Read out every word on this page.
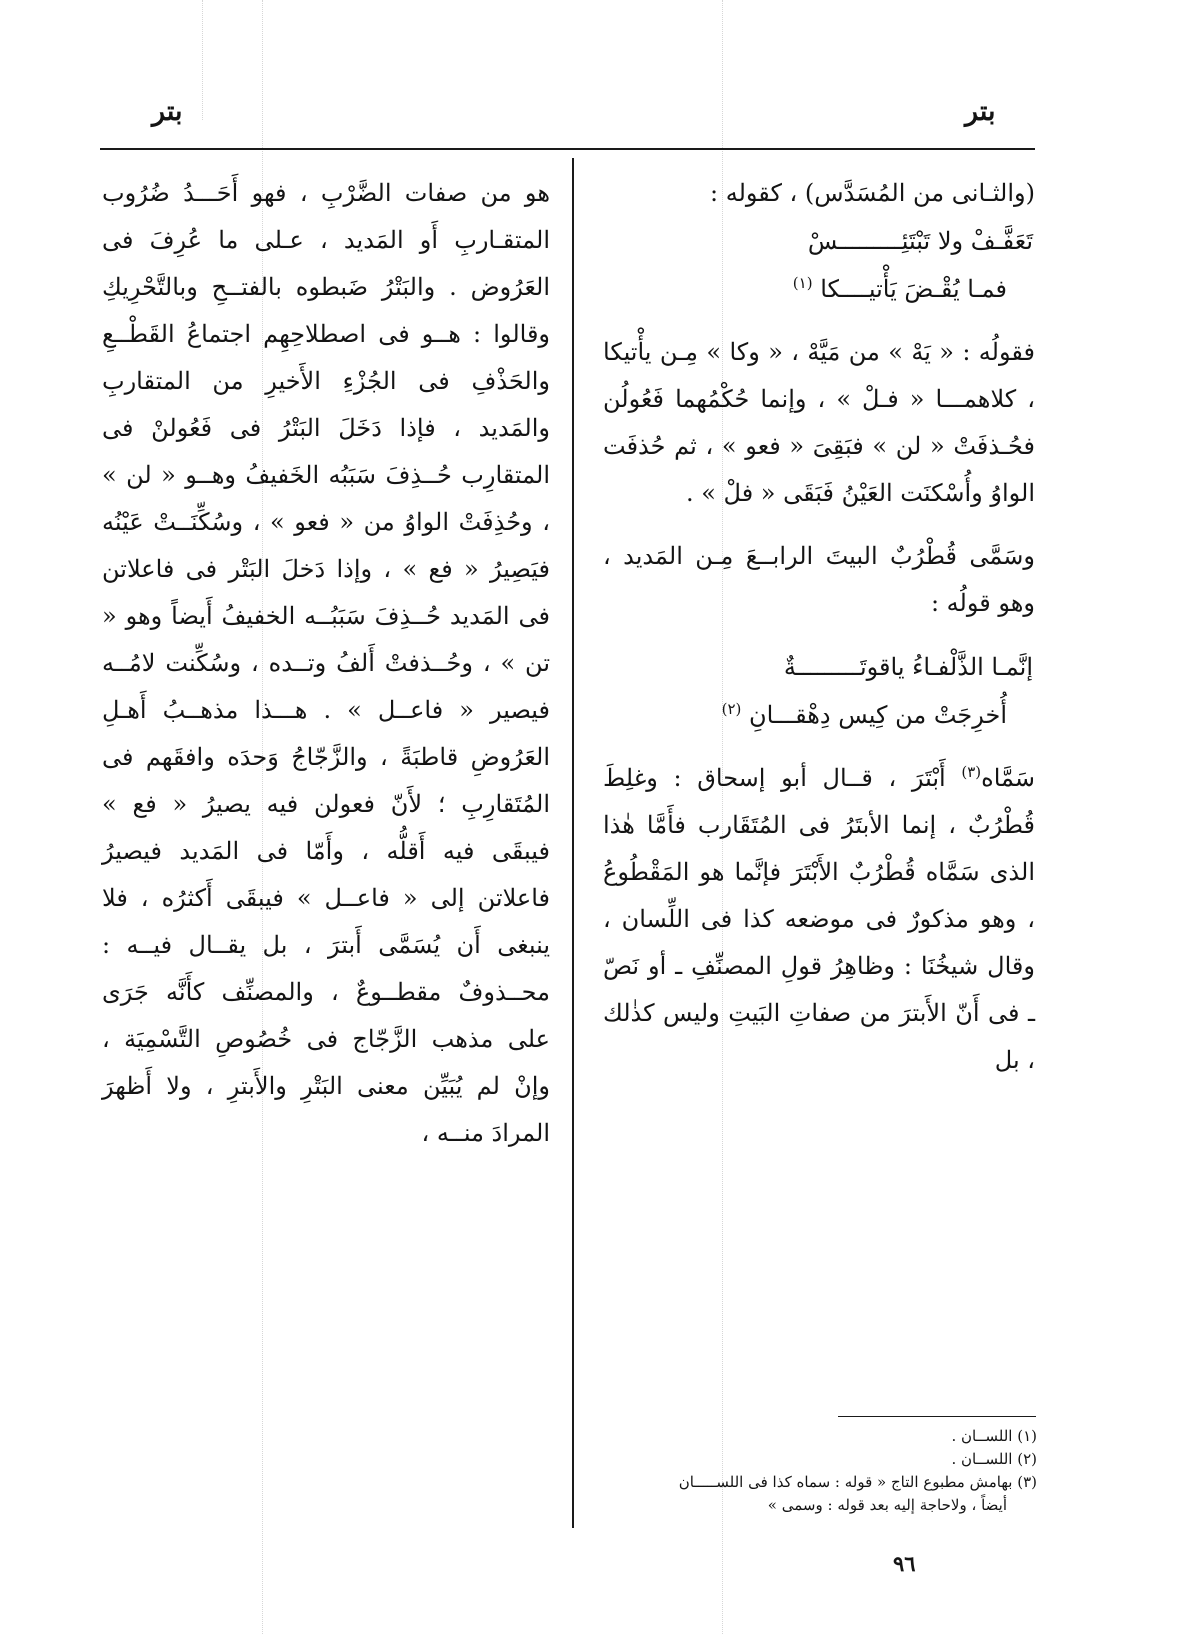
بتر
بتر

(والثـانى من المُسَدَّس) ، كقوله :

تَعَفَّـفْ ولا تَبْتَئِـــــــــسْ
فمـا يُقْـضَ يَأْتيــــكا $^{(١)}$

فقولُه : « يَهْ » من مَيَّهْ ، « وكا » مِـن يأْتيكا ، كلاهمـــا « فـلْ » ، وإنما حُكْمُهما فَعُولُن فحُـذفَتْ « لن » فبَقِىَ « فعو » ، ثم حُذفَت الواوُ وأُسْكنَت العَيْنُ فَبَقَى « فلْ » .

وسَمَّى قُطْرُبٌ البيتَ الرابــعَ مِـن المَديد ، وهو قولُه :

إنَّمـا الذَّلْفـاءُ ياقوتَـــــــــةٌ
أُخرِجَتْ من كِيس دِهْقـــانِ $^{(٢)}$

سَمَّاه$^{(٣)}$ أَبْتَرَ ، قــال أبو إسحاق : وغلِطَ قُطْرُبٌ ، إنما الأبتَرُ فى المُتَقَارب فأَمَّا هٰذا الذى سَمَّاه قُطْرُبٌ الأَبْتَرَ فإنَّما هو المَقْطُوعُ ، وهو مذكورٌ فى موضعه كذا فى اللِّسان ، وقال شيخُنَا : وظاهِرُ قولِ المصنِّفِ ـ أو نَصّ ـ فى أَنّ الأَبترَ من صفاتِ البَيتِ وليس كذٰلك ، بل

هو من صفات الضَّرْبِ ، فهو أَحَـــدُ ضُرُوب المتقـاربِ أَو المَديد ، عـلى ما عُرِفَ فى العَرُوض . والبَتْرُ ضَبطوه بالفتــحِ وبالتَّحْرِيكِ وقالوا : هــو فى اصطلاحِهِم اجتماعُ القَطْــعِ والحَذْفِ فى الجُزْءِ الأَخيرِ من المتقاربِ والمَديد ، فإذا دَخَلَ البَتْرُ فى فَعُولنْ فى المتقارِب حُــذِفَ سَبَبُه الخَفيفُ وهــو « لن » ، وحُذِفَتْ الواوُ من « فعو » ، وسُكِّنَــتْ عَيْنُه فيَصِيرُ « فع » ، وإذا دَخلَ البَتْر فى فاعلاتن فى المَديد حُــذِفَ سَبَبُــه الخفيفُ أَيضاً وهو « تن » ، وحُــذفتْ أَلفُ وتــده ، وسُكِّنت لامُــه فيصير « فاعــل » . هـــذا مذهــبُ أَهـلِ العَرُوضِ قاطبَةً ، والزَّجّاجُ وَحدَه وافقَهم فى المُتَقارِبِ ؛ لأَنّ فعولن فيه يصيرُ « فع » فيبقَى فيه أَقلُّه ، وأَمّا فى المَديد فيصيرُ فاعلاتن إلى « فاعــل » فيبقَى أَكثرُه ، فلا ينبغى أَن يُسَمَّى أَبترَ ، بل يقــال فيــه : محــذوفٌ مقطــوعٌ ، والمصنِّف كأَنَّه جَرَى على مذهب الزَّجّاج فى خُصُوصِ التَّسْمِيَة ، وإنْ لم يُبَيِّن معنى البَتْرِ والأَبترِ ، ولا أَظهرَ المرادَ منــه ،

(١) اللســان .
(٢) اللســان .
(٣) بهامش مطبوع التاج « قوله : سماه كذا فى اللســـــان
أيضاً ، ولاحاجة إليه بعد قوله : وسمى »
٩٦
